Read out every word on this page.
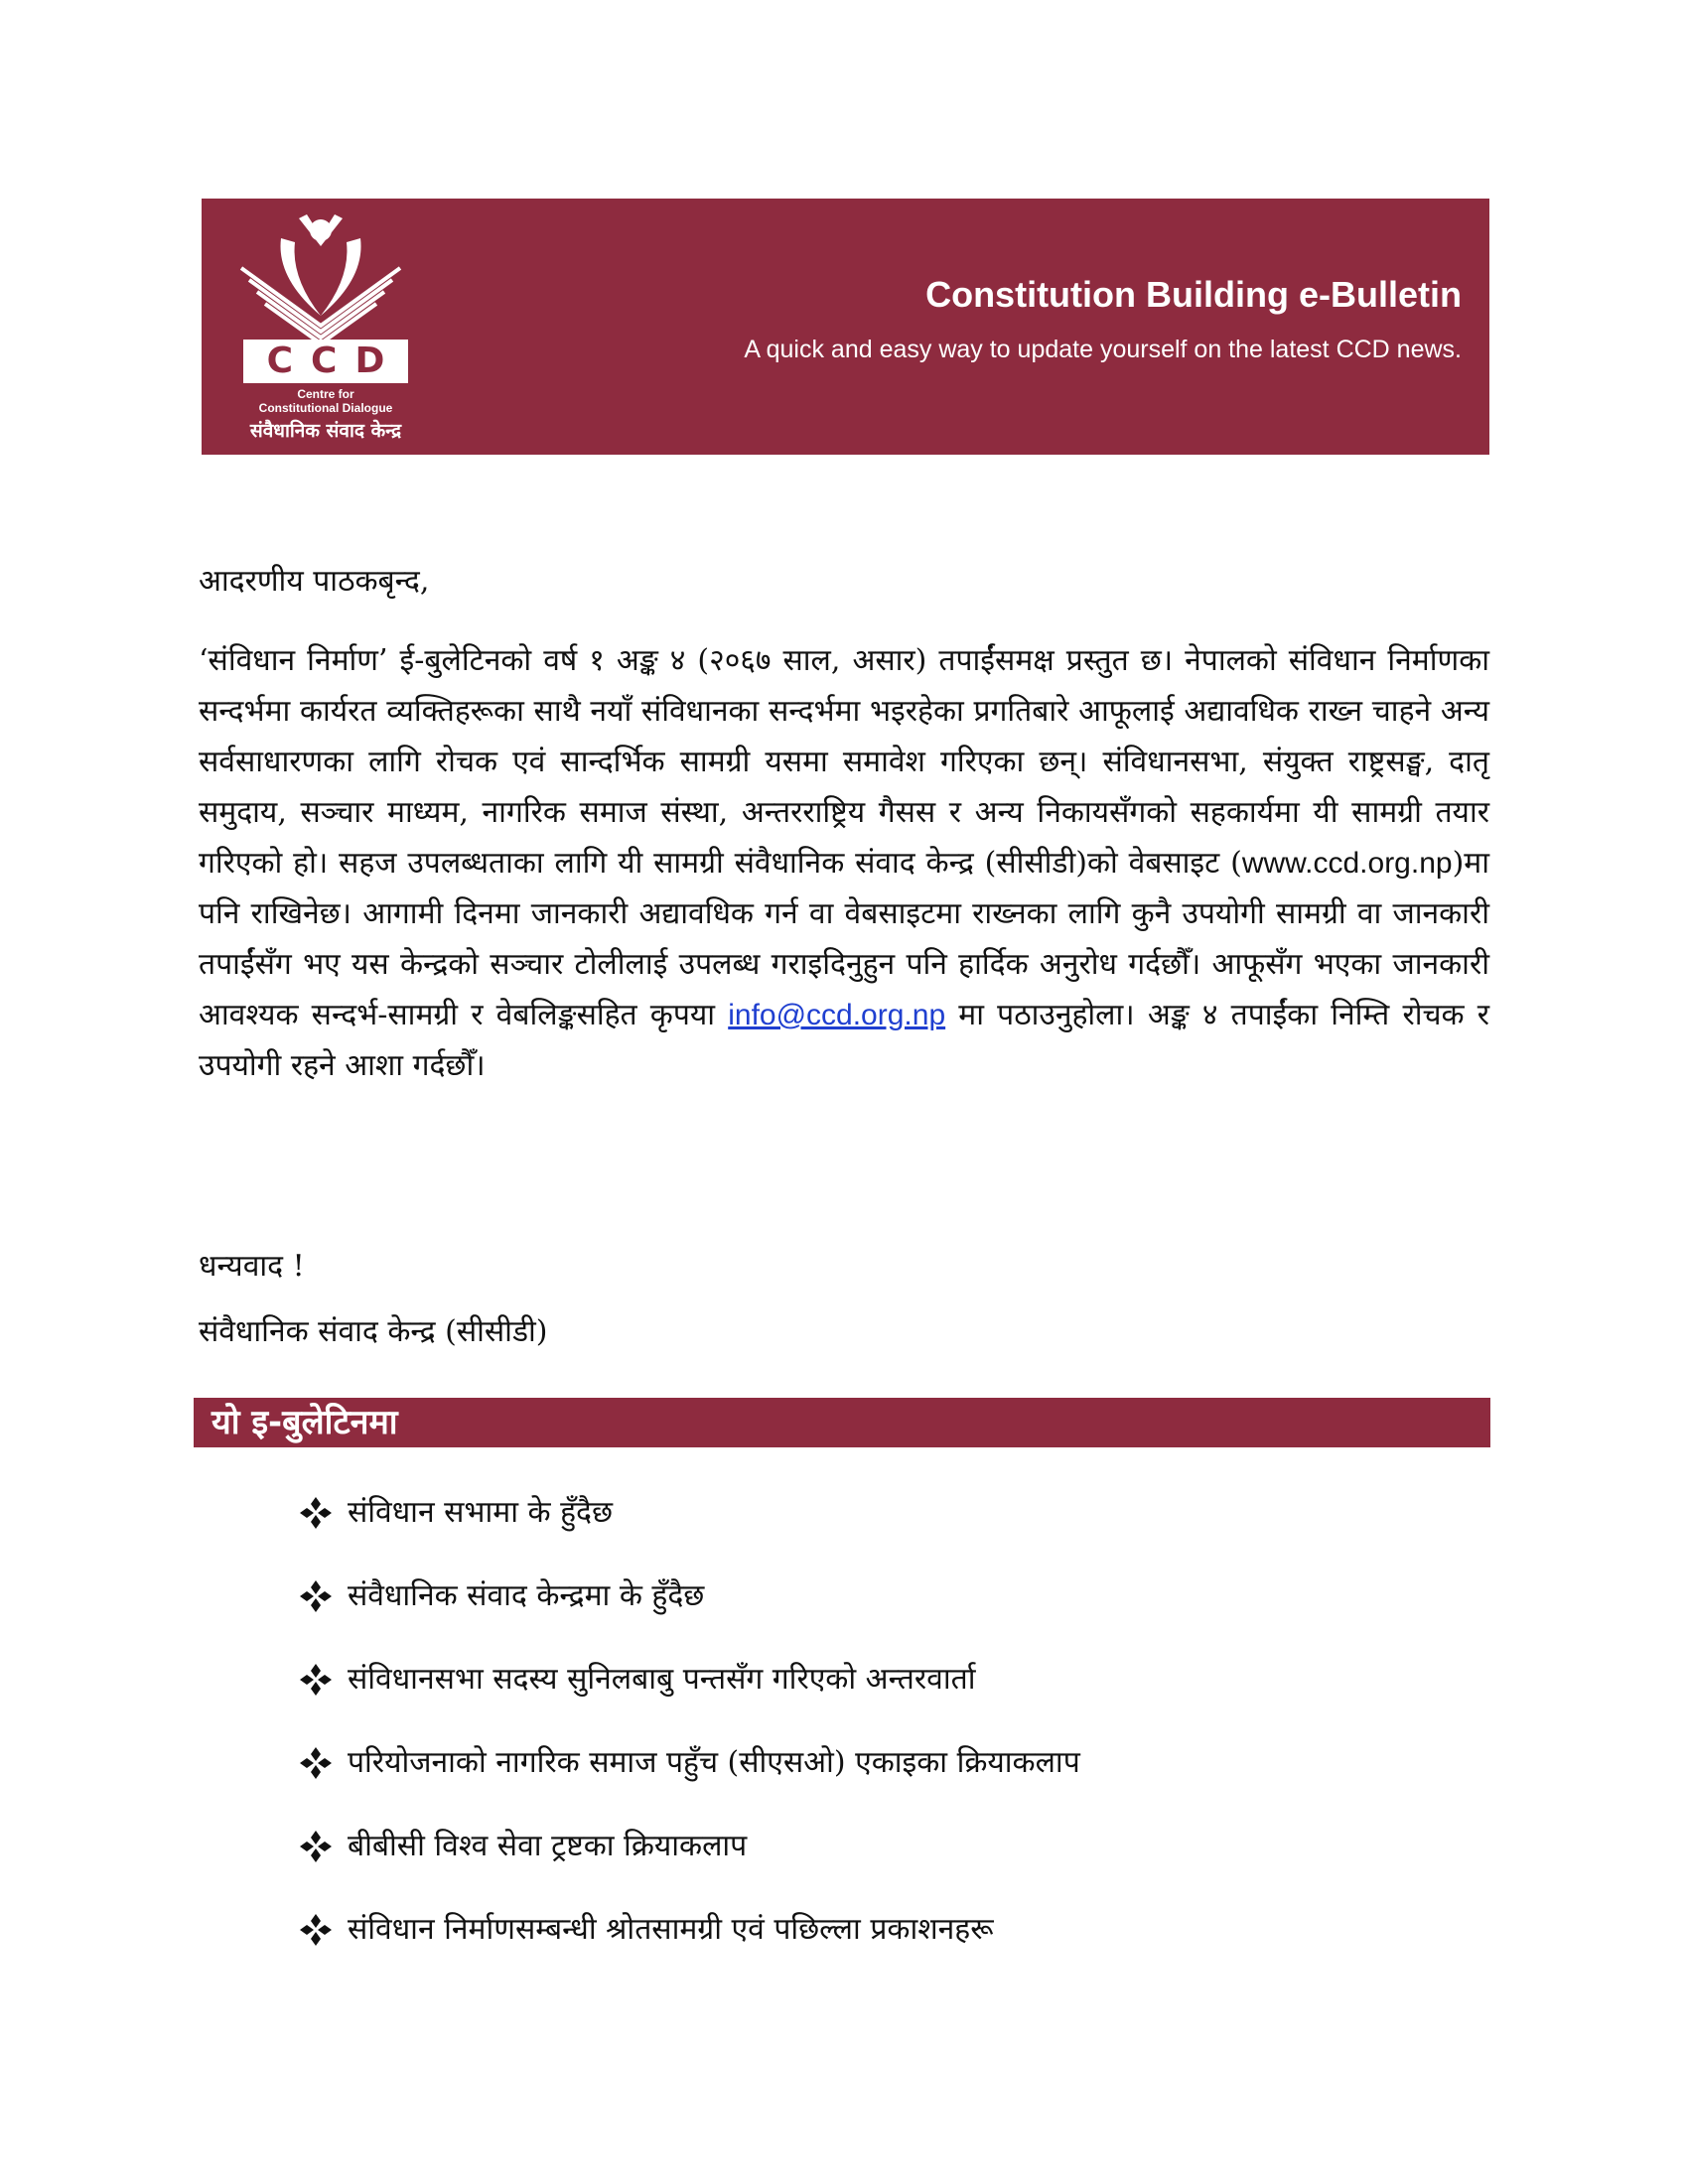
CCD
Centre for
Constitutional Dialogue
संवैधानिक संवाद केन्द्र
Constitution Building e-Bulletin
A quick and easy way to update yourself on the latest CCD news.
आदरणीय पाठकबृन्द,
‘संविधान निर्माण’ ई-बुलेटिनको वर्ष १ अङ्क ४ (२०६७ साल, असार) तपाईंसमक्ष प्रस्तुत छ। नेपालको संविधान निर्माणका सन्दर्भमा कार्यरत व्यक्तिहरूका साथै नयाँ संविधानका सन्दर्भमा भइरहेका प्रगतिबारे आफूलाई अद्यावधिक राख्न चाहने अन्य सर्वसाधारणका लागि रोचक एवं सान्दर्भिक सामग्री यसमा समावेश गरिएका छन्। संविधानसभा, संयुक्त राष्ट्रसङ्घ, दातृ समुदाय, सञ्चार माध्यम, नागरिक समाज संस्था, अन्तरराष्ट्रिय गैसस र अन्य निकायसँगको सहकार्यमा यी सामग्री तयार गरिएको हो। सहज उपलब्धताका लागि यी सामग्री संवैधानिक संवाद केन्द्र (सीसीडी)को वेबसाइट (www.ccd.org.np)मा पनि राखिनेछ। आगामी दिनमा जानकारी अद्यावधिक गर्न वा वेबसाइटमा राख्नका लागि कुनै उपयोगी सामग्री वा जानकारी तपाईंसँग भए यस केन्द्रको सञ्चार टोलीलाई उपलब्ध गराइदिनुहुन पनि हार्दिक अनुरोध गर्दछौँ। आफूसँग भएका जानकारी आवश्यक सन्दर्भ-सामग्री र वेबलिङ्कसहित कृपया info@ccd.org.np मा पठाउनुहोला। अङ्क ४ तपाईंका निम्ति रोचक र उपयोगी रहने आशा गर्दछौँ।
धन्यवाद !
संवैधानिक संवाद केन्द्र (सीसीडी)
यो इ-बुलेटिनमा
संविधान सभामा के हुँदैछ
संवैधानिक संवाद केन्द्रमा के हुँदैछ
संविधानसभा सदस्य सुनिलबाबु पन्तसँग गरिएको अन्तरवार्ता
परियोजनाको नागरिक समाज पहुँच (सीएसओ) एकाइका क्रियाकलाप
बीबीसी विश्व सेवा ट्रष्टका क्रियाकलाप
संविधान निर्माणसम्बन्धी श्रोतसामग्री एवं पछिल्ला प्रकाशनहरू
